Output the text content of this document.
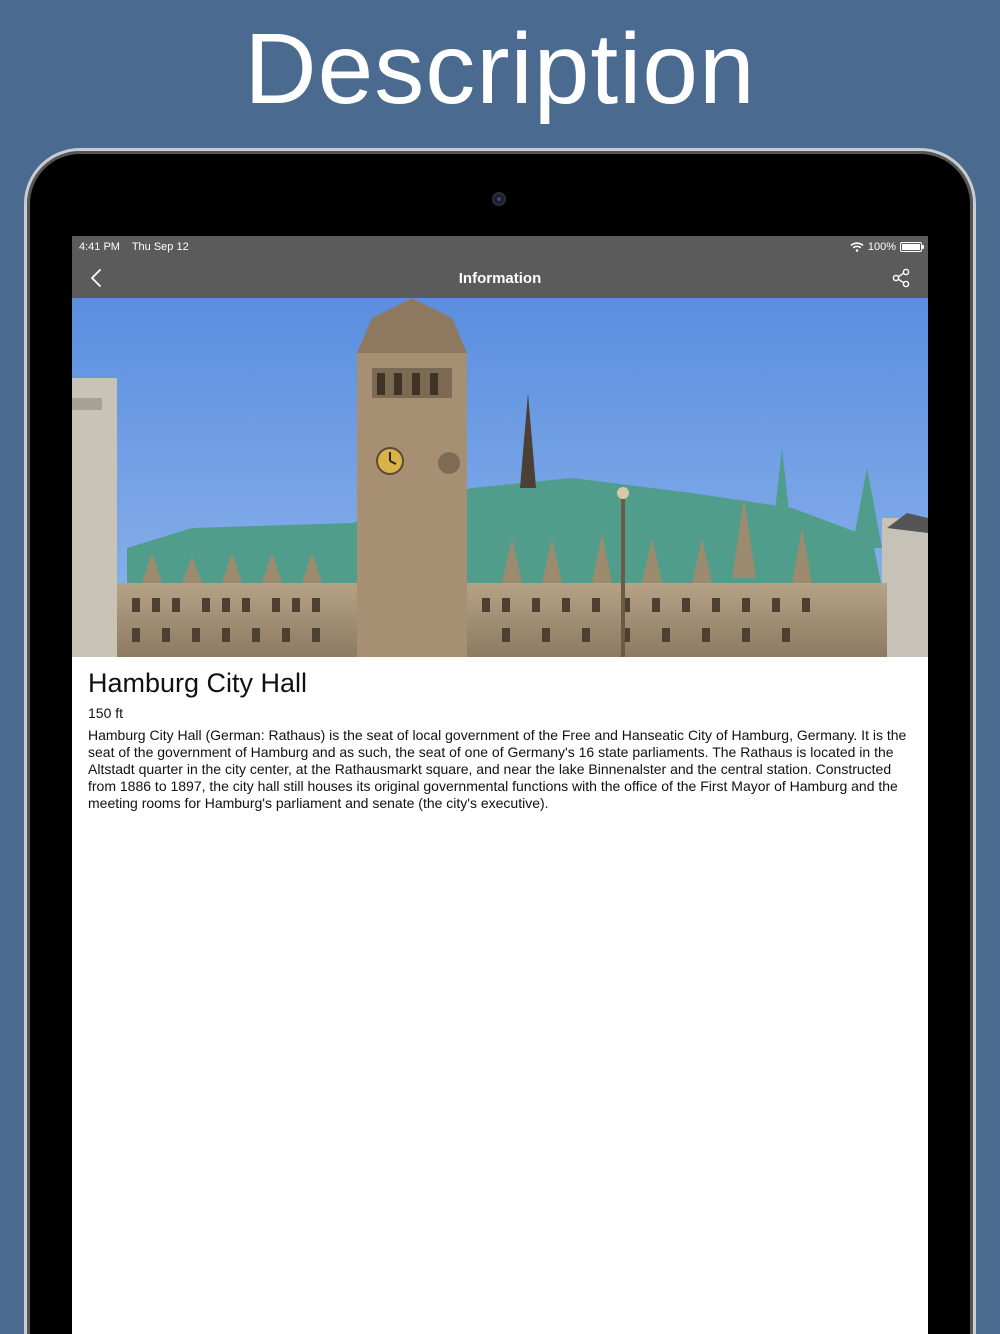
Description
4:41 PM Thu Sep 12	100%
Information
Hamburg City Hall
150 ft

Hamburg City Hall (German: Rathaus) is the seat of local government of the Free and Hanseatic City of Hamburg, Germany. It is the seat of the government of Hamburg and as such, the seat of one of Germany's 16 state parliaments. The Rathaus is located in the Altstadt quarter in the city center, at the Rathausmarkt square, and near the lake Binnenalster and the central station. Constructed from 1886 to 1897, the city hall still houses its original governmental functions with the office of the First Mayor of Hamburg and the meeting rooms for Hamburg's parliament and senate (the city's executive).
